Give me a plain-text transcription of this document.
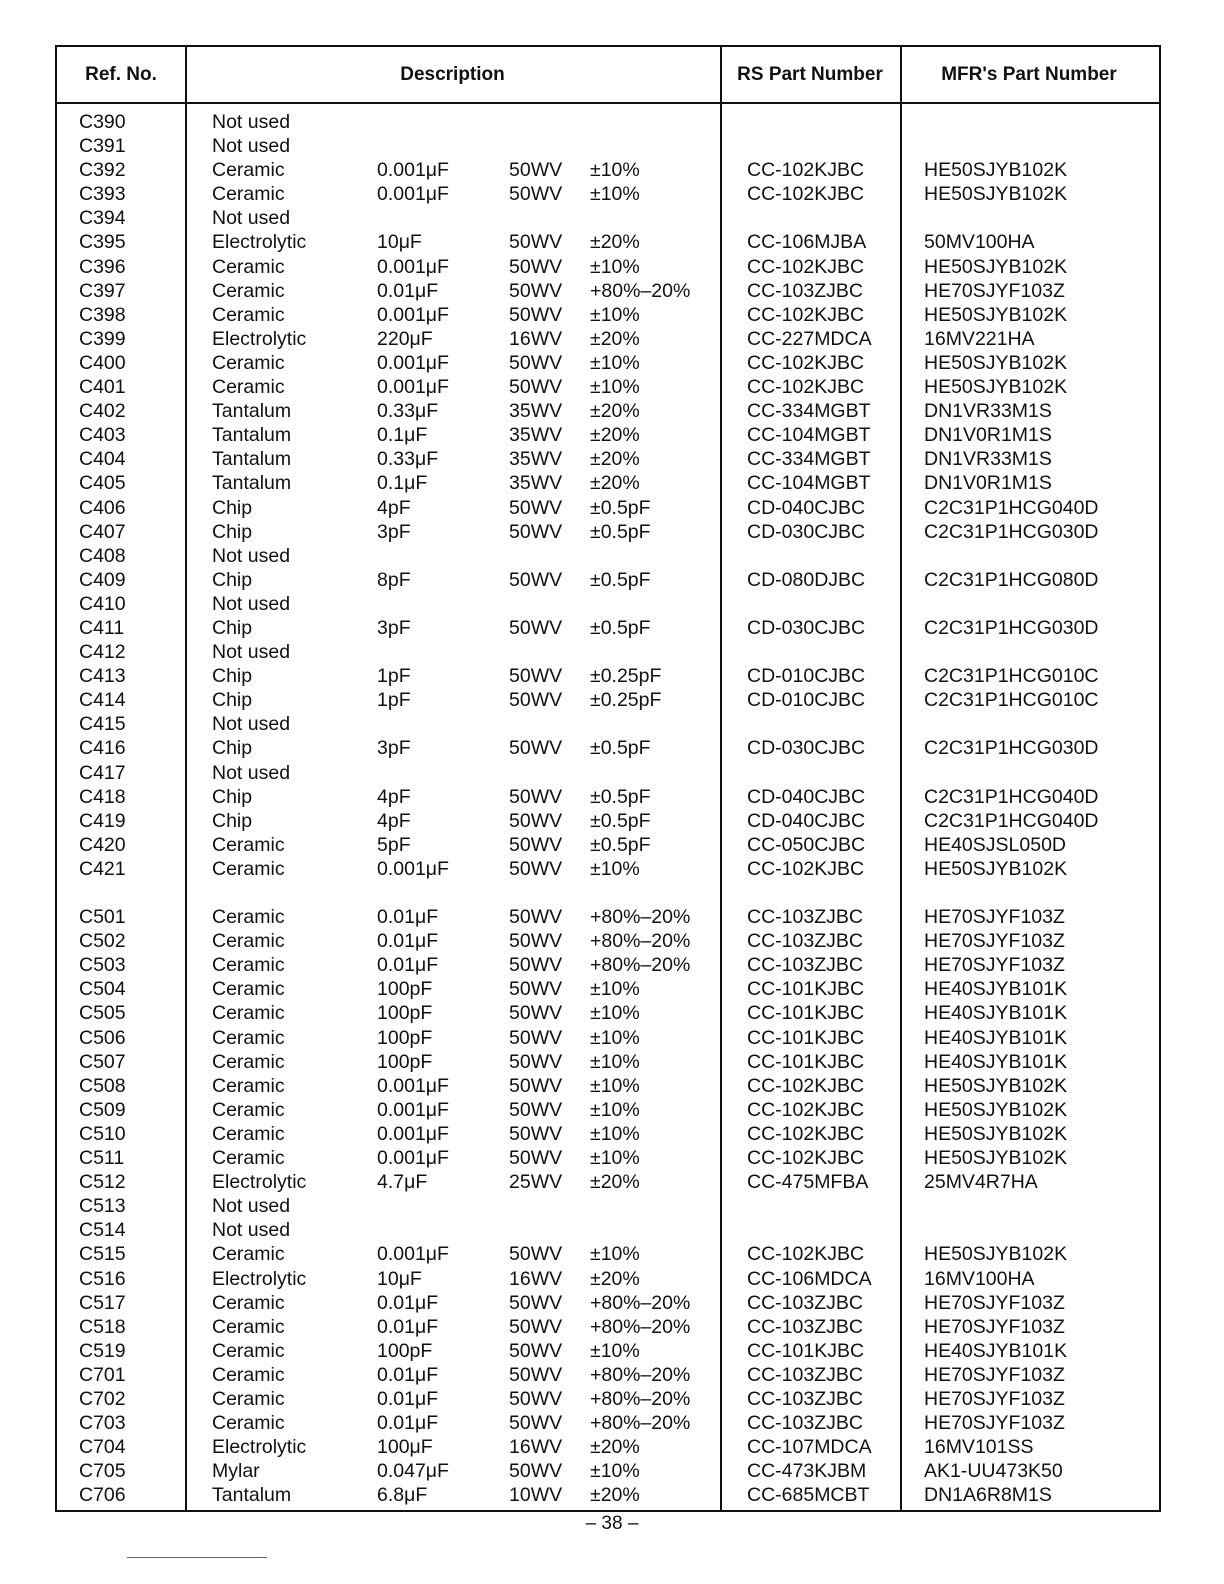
Ref. No.	Description	RS Part Number	MFR's Part Number
C390	Not used
C391	Not used
C392	Ceramic	0.001μF	50WV ±10%	CC-102KJBC	HE50SJYB102K
C393	Ceramic	0.001μF	50WV ±10%	CC-102KJBC	HE50SJYB102K
C394	Not used
C395	Electrolytic	10μF	50WV ±20%	CC-106MJBA	50MV100HA
C396	Ceramic	0.001μF	50WV ±10%	CC-102KJBC	HE50SJYB102K
C397	Ceramic	0.01μF	50WV +80%–20%	CC-103ZJBC	HE70SJYF103Z
C398	Ceramic	0.001μF	50WV ±10%	CC-102KJBC	HE50SJYB102K
C399	Electrolytic	220μF	16WV ±20%	CC-227MDCA	16MV221HA
C400	Ceramic	0.001μF	50WV ±10%	CC-102KJBC	HE50SJYB102K
C401	Ceramic	0.001μF	50WV ±10%	CC-102KJBC	HE50SJYB102K
C402	Tantalum	0.33μF	35WV ±20%	CC-334MGBT	DN1VR33M1S
C403	Tantalum	0.1μF	35WV ±20%	CC-104MGBT	DN1V0R1M1S
C404	Tantalum	0.33μF	35WV ±20%	CC-334MGBT	DN1VR33M1S
C405	Tantalum	0.1μF	35WV ±20%	CC-104MGBT	DN1V0R1M1S
C406	Chip	4pF	50WV ±0.5pF	CD-040CJBC	C2C31P1HCG040D
C407	Chip	3pF	50WV ±0.5pF	CD-030CJBC	C2C31P1HCG030D
C408	Not used
C409	Chip	8pF	50WV ±0.5pF	CD-080DJBC	C2C31P1HCG080D
C410	Not used
C411	Chip	3pF	50WV ±0.5pF	CD-030CJBC	C2C31P1HCG030D
C412	Not used
C413	Chip	1pF	50WV ±0.25pF	CD-010CJBC	C2C31P1HCG010C
C414	Chip	1pF	50WV ±0.25pF	CD-010CJBC	C2C31P1HCG010C
C415	Not used
C416	Chip	3pF	50WV ±0.5pF	CD-030CJBC	C2C31P1HCG030D
C417	Not used
C418	Chip	4pF	50WV ±0.5pF	CD-040CJBC	C2C31P1HCG040D
C419	Chip	4pF	50WV ±0.5pF	CD-040CJBC	C2C31P1HCG040D
C420	Ceramic	5pF	50WV ±0.5pF	CC-050CJBC	HE40SJSL050D
C421	Ceramic	0.001μF	50WV ±10%	CC-102KJBC	HE50SJYB102K
C501	Ceramic	0.01μF	50WV +80%–20%	CC-103ZJBC	HE70SJYF103Z
C502	Ceramic	0.01μF	50WV +80%–20%	CC-103ZJBC	HE70SJYF103Z
C503	Ceramic	0.01μF	50WV +80%–20%	CC-103ZJBC	HE70SJYF103Z
C504	Ceramic	100pF	50WV ±10%	CC-101KJBC	HE40SJYB101K
C505	Ceramic	100pF	50WV ±10%	CC-101KJBC	HE40SJYB101K
C506	Ceramic	100pF	50WV ±10%	CC-101KJBC	HE40SJYB101K
C507	Ceramic	100pF	50WV ±10%	CC-101KJBC	HE40SJYB101K
C508	Ceramic	0.001μF	50WV ±10%	CC-102KJBC	HE50SJYB102K
C509	Ceramic	0.001μF	50WV ±10%	CC-102KJBC	HE50SJYB102K
C510	Ceramic	0.001μF	50WV ±10%	CC-102KJBC	HE50SJYB102K
C511	Ceramic	0.001μF	50WV ±10%	CC-102KJBC	HE50SJYB102K
C512	Electrolytic	4.7μF	25WV ±20%	CC-475MFBA	25MV4R7HA
C513	Not used
C514	Not used
C515	Ceramic	0.001μF	50WV ±10%	CC-102KJBC	HE50SJYB102K
C516	Electrolytic	10μF	16WV ±20%	CC-106MDCA	16MV100HA
C517	Ceramic	0.01μF	50WV +80%–20%	CC-103ZJBC	HE70SJYF103Z
C518	Ceramic	0.01μF	50WV +80%–20%	CC-103ZJBC	HE70SJYF103Z
C519	Ceramic	100pF	50WV ±10%	CC-101KJBC	HE40SJYB101K
C701	Ceramic	0.01μF	50WV +80%–20%	CC-103ZJBC	HE70SJYF103Z
C702	Ceramic	0.01μF	50WV +80%–20%	CC-103ZJBC	HE70SJYF103Z
C703	Ceramic	0.01μF	50WV +80%–20%	CC-103ZJBC	HE70SJYF103Z
C704	Electrolytic	100μF	16WV ±20%	CC-107MDCA	16MV101SS
C705	Mylar	0.047μF	50WV ±10%	CC-473KJBM	AK1-UU473K50
C706	Tantalum	6.8μF	10WV ±20%	CC-685MCBT	DN1A6R8M1S
– 38 –
